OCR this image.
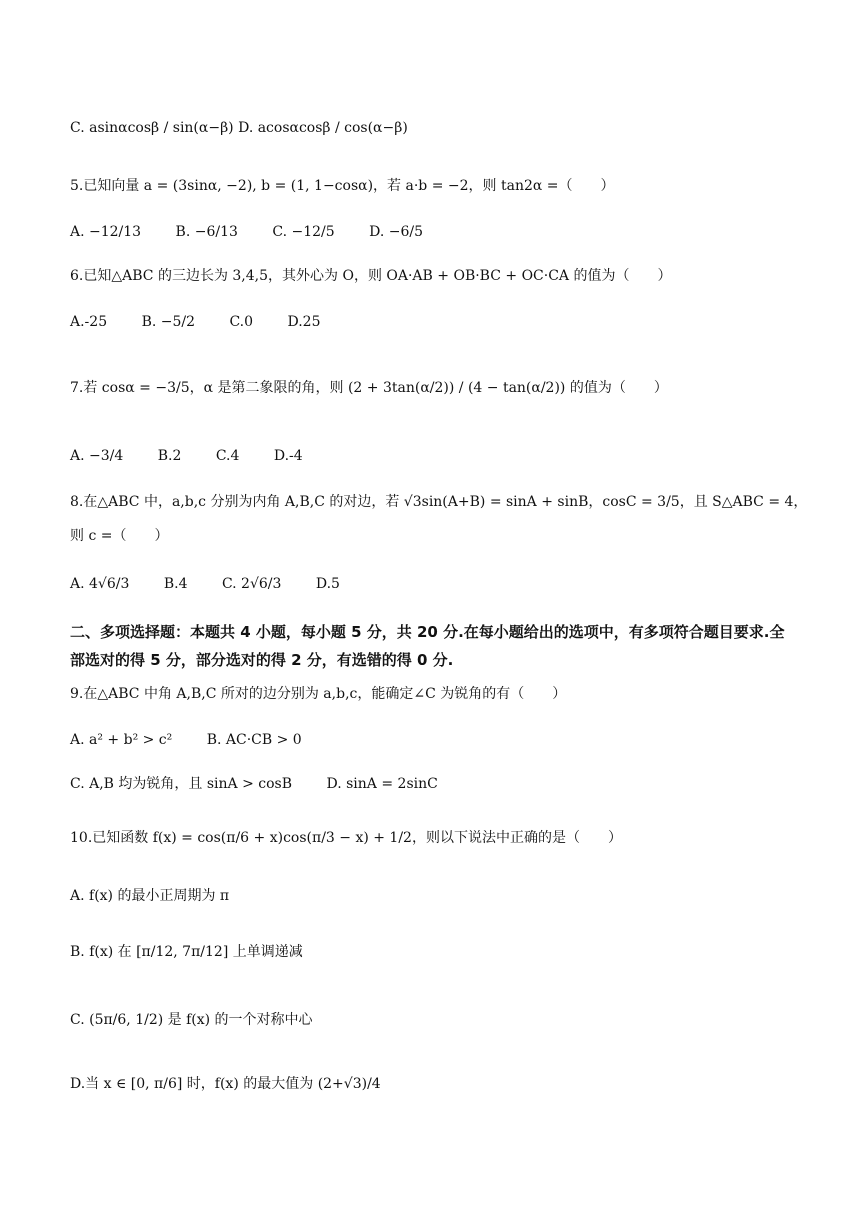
C. asinαcosβ / sin(α−β) D. acosαcosβ / cos(α−β)
5.已知向量 a = (3sinα, −2), b = (1, 1−cosα)，若 a·b = −2，则 tan2α =（　　）
A. −12/13 B. −6/13 C. −12/5 D. −6/5
6.已知△ABC 的三边长为 3,4,5，其外心为 O，则 OA·AB + OB·BC + OC·CA 的值为（　　）
A.-25 B. −5/2 C.0 D.25
7.若 cosα = −3/5，α 是第二象限的角，则 (2 + 3tan(α/2)) / (4 − tan(α/2)) 的值为（　　）
A. −3/4 B.2 C.4 D.-4
8.在△ABC 中，a,b,c 分别为内角 A,B,C 的对边，若 √3sin(A+B) = sinA + sinB，cosC = 3/5，且 S△ABC = 4，
则 c =（　　）
A. 4√6/3 B.4 C. 2√6/3 D.5
二、多项选择题：本题共 4 小题，每小题 5 分，共 20 分.在每小题给出的选项中，有多项符合题目要求.全部选对的得 5 分，部分选对的得 2 分，有选错的得 0 分.
9.在△ABC 中角 A,B,C 所对的边分别为 a,b,c，能确定∠C 为锐角的有（　　）
A. a² + b² > c² B. AC·CB > 0
C. A,B 均为锐角，且 sinA > cosB D. sinA = 2sinC
10.已知函数 f(x) = cos(π/6 + x)cos(π/3 − x) + 1/2，则以下说法中正确的是（　　）
A. f(x) 的最小正周期为 π
B. f(x) 在 [π/12, 7π/12] 上单调递减
C. (5π/6, 1/2) 是 f(x) 的一个对称中心
D.当 x ∈ [0, π/6] 时，f(x) 的最大值为 (2+√3)/4
